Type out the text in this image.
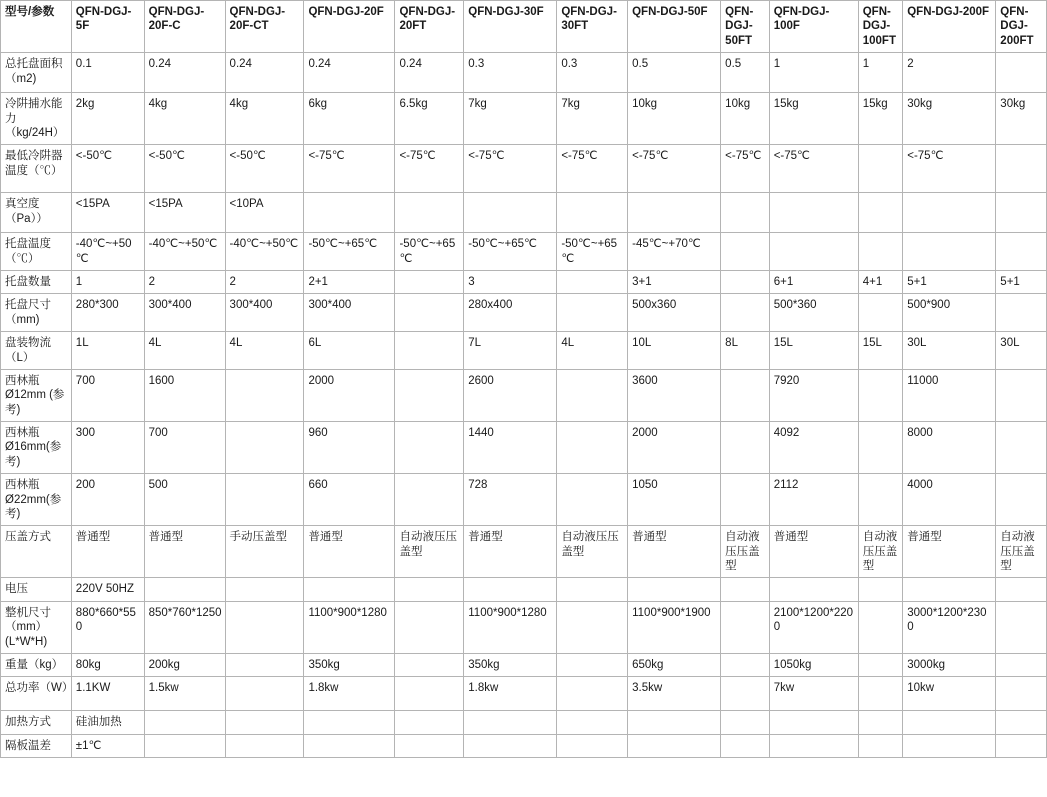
型号/参数	QFN-DGJ-5F	QFN-DGJ-20F-C	QFN-DGJ-20F-CT	QFN-DGJ-20F	QFN-DGJ-20FT	QFN-DGJ-30F	QFN-DGJ-30FT	QFN-DGJ-50F	QFN-DGJ-50FT	QFN-DGJ-100F	QFN-DGJ-100FT	QFN-DGJ-200F	QFN-DGJ-200FT
总托盘面积（m2)	0.1	0.24	0.24	0.24	0.24	0.3	0.3	0.5	0.5	1	1	2	
冷阱捕水能力（kg/24H）	2kg	4kg	4kg	6kg	6.5kg	7kg	7kg	10kg	10kg	15kg	15kg	30kg	30kg
最低冷阱器温度（℃）	<-50℃	<-50℃	<-50℃	<-75℃	<-75℃	<-75℃	<-75℃	<-75℃	<-75℃	<-75℃		<-75℃	
真空度（Pa））	<15PA	<15PA	<10PA										
托盘温度（℃）	-40℃~+50℃	-40℃~+50℃	-40℃~+50℃	-50℃~+65℃	-50℃~+65℃	-50℃~+65℃	-50℃~+65℃	-45℃~+70℃					
托盘数量	1	2	2	2+1		3		3+1		6+1	4+1	5+1	5+1
托盘尺寸（mm)	280*300	300*400	300*400	300*400		280x400		500x360		500*360		500*900	
盘装物流（L）	1L	4L	4L	6L		7L	4L	10L	8L	15L	15L	30L	30L
西林瓶Ø12mm (参考)	700	1600		2000		2600		3600		7920		11000	
西林瓶Ø16mm(参考)	300	700		960		1440		2000		4092		8000	
西林瓶Ø22mm(参考)	200	500		660		728		1050		2112		4000	
压盖方式	普通型	普通型	手动压盖型	普通型	自动液压压盖型	普通型	自动液压压盖型	普通型	自动液压压盖型	普通型	自动液压压盖型	普通型	自动液压压盖型
电压	220V 50HZ												
整机尺寸（mm）(L*W*H)	880*660*550	850*760*1250		1100*900*1280		1100*900*1280		1100*900*1900		2100*1200*2200		3000*1200*2300	
重量（kg）	80kg	200kg		350kg		350kg		650kg		1050kg		3000kg	
总功率（W）	1.1KW	1.5kw		1.8kw		1.8kw		3.5kw		7kw		10kw	
加热方式	硅油加热												
隔板温差	±1℃												
